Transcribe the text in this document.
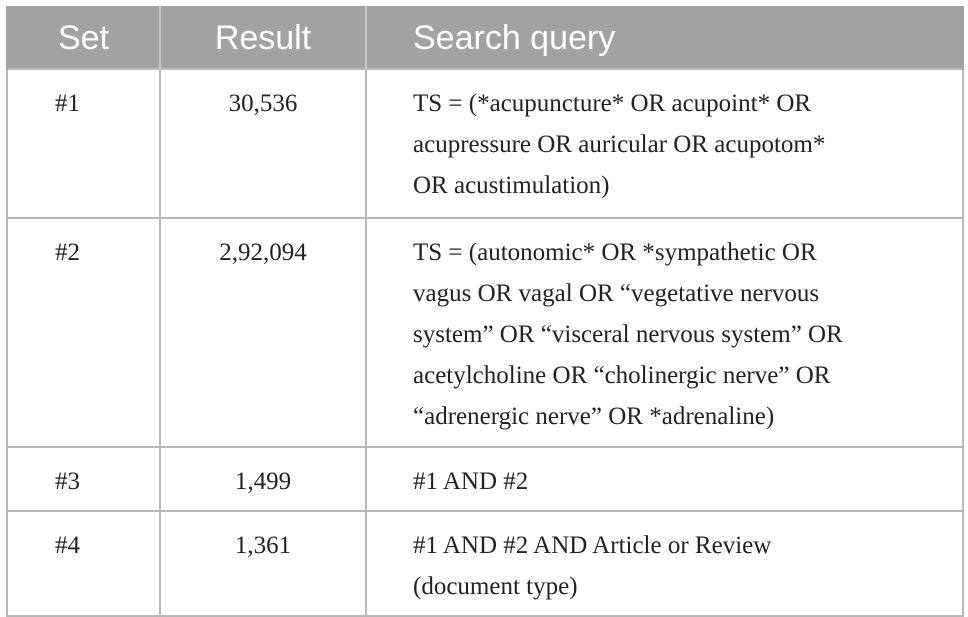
Set	Result	Search query
#1	30,536	TS = (*acupuncture* OR acupoint* OR
acupressure OR auricular OR acupotom*
OR acustimulation)

#2	2,92,094	TS = (autonomic* OR *sympathetic OR
vagus OR vagal OR “vegetative nervous
system” OR “visceral nervous system” OR
acetylcholine OR “cholinergic nerve” OR
“adrenergic nerve” OR *adrenaline)

#3	1,499	#1 AND #2

#4	1,361	#1 AND #2 AND Article or Review
(document type)
